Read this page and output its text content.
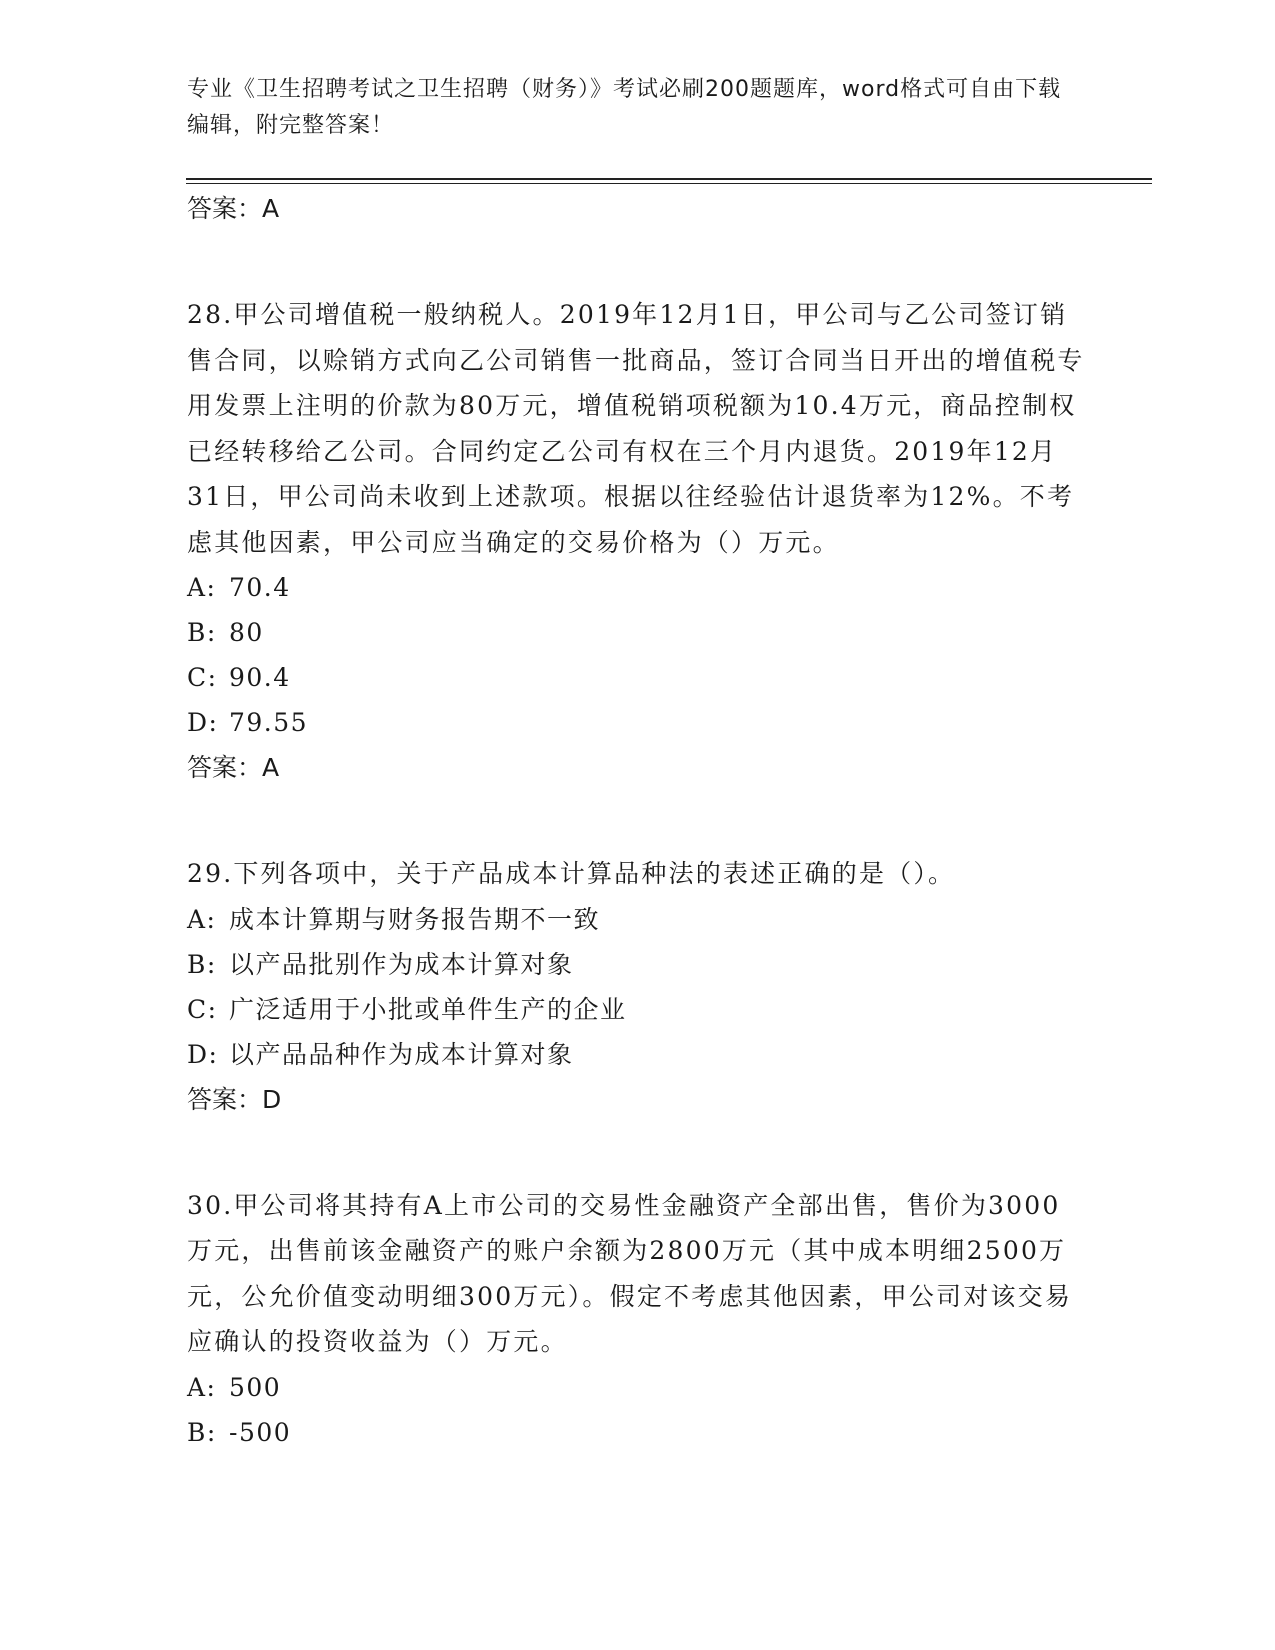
专业《卫生招聘考试之卫生招聘（财务）》考试必刷200题题库，word格式可自由下载编辑，附完整答案！

答案：A

28.甲公司增值税一般纳税人。2019年12月1日，甲公司与乙公司签订销售合同，以赊销方式向乙公司销售一批商品，签订合同当日开出的增值税专用发票上注明的价款为80万元，增值税销项税额为10.4万元，商品控制权已经转移给乙公司。合同约定乙公司有权在三个月内退货。2019年12月31日，甲公司尚未收到上述款项。根据以往经验估计退货率为12%。不考虑其他因素，甲公司应当确定的交易价格为（）万元。

A: 70.4

B: 80

C: 90.4

D: 79.55

答案：A

29.下列各项中，关于产品成本计算品种法的表述正确的是（）。

A: 成本计算期与财务报告期不一致

B: 以产品批别作为成本计算对象

C: 广泛适用于小批或单件生产的企业

D: 以产品品种作为成本计算对象

答案：D

30.甲公司将其持有A上市公司的交易性金融资产全部出售，售价为3000万元，出售前该金融资产的账户余额为2800万元（其中成本明细2500万元，公允价值变动明细300万元）。假定不考虑其他因素，甲公司对该交易应确认的投资收益为（）万元。

A: 500

B: -500
